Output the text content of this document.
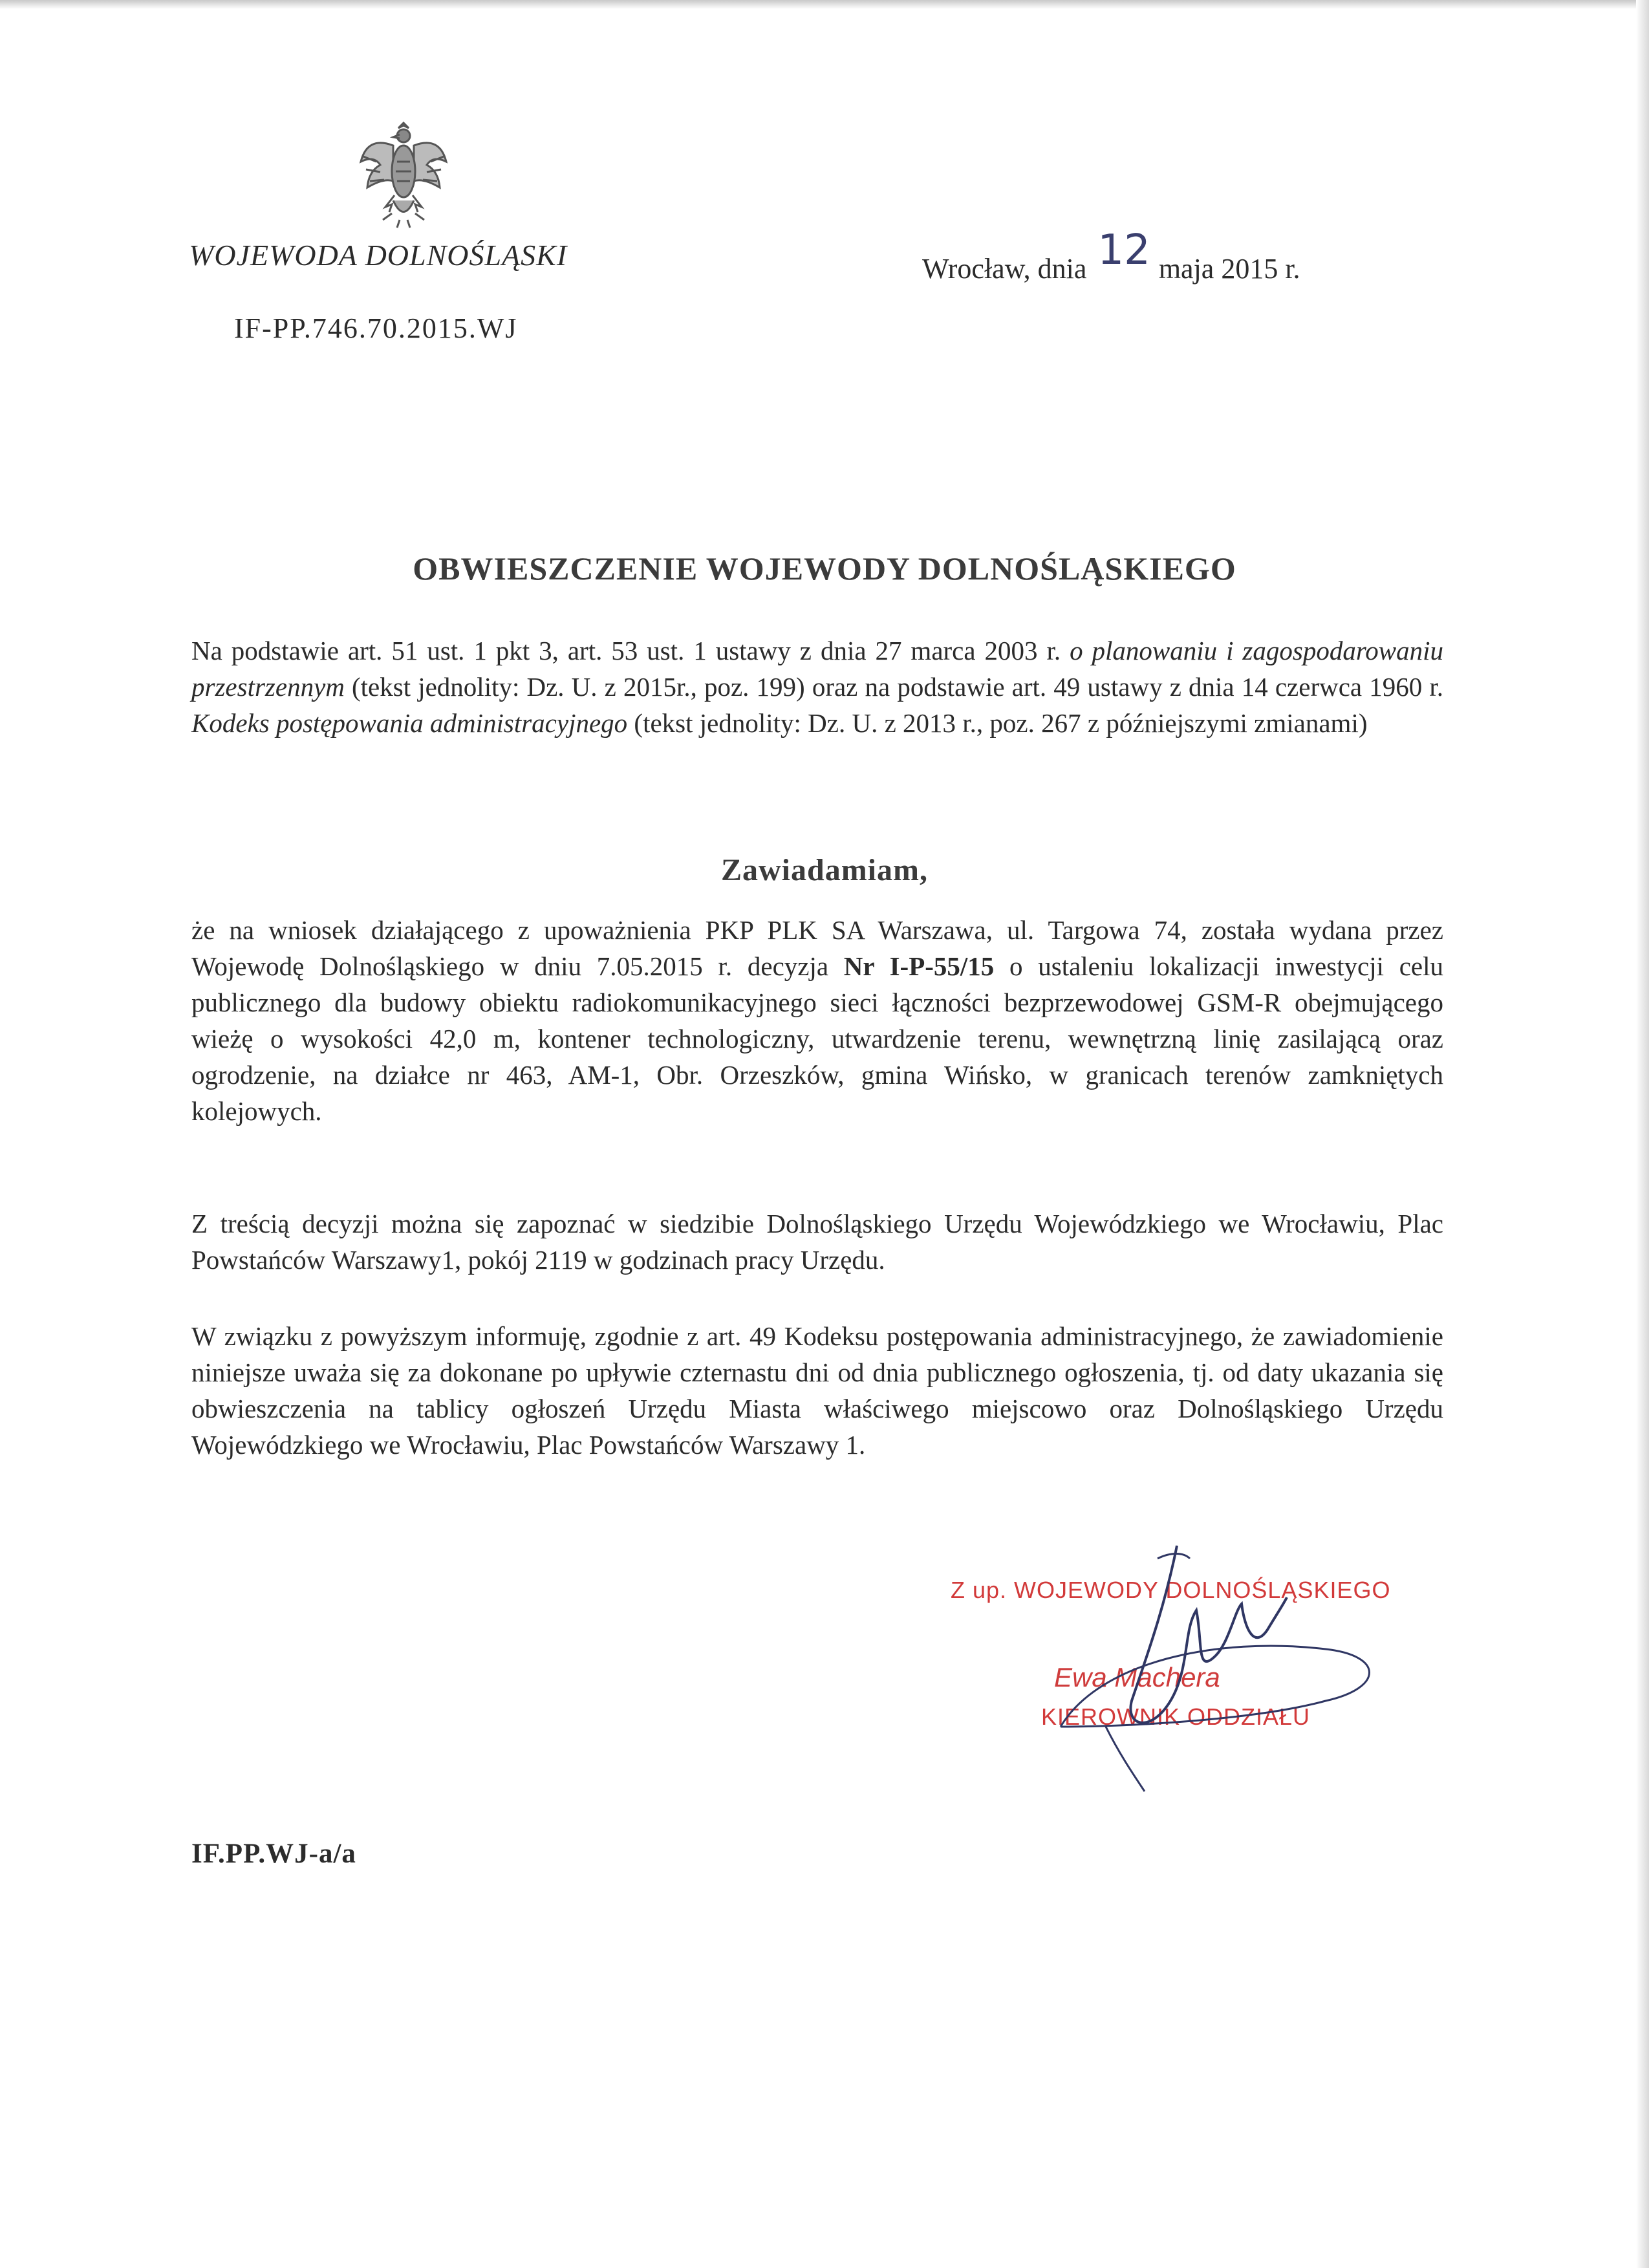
WOJEWODA DOLNOŚLĄSKI	Wrocław, dnia 12 maja 2015 r.
IF-PP.746.70.2015.WJ
OBWIESZCZENIE WOJEWODY DOLNOŚLĄSKIEGO
Na podstawie art. 51 ust. 1 pkt 3, art. 53 ust. 1 ustawy z dnia 27 marca 2003 r. o planowaniu i zagospodarowaniu przestrzennym (tekst jednolity: Dz. U. z 2015r., poz. 199) oraz na podstawie art. 49 ustawy z dnia 14 czerwca 1960 r. Kodeks postępowania administracyjnego (tekst jednolity: Dz. U. z 2013 r., poz. 267 z późniejszymi zmianami)
Zawiadamiam,
że na wniosek działającego z upoważnienia PKP PLK SA Warszawa, ul. Targowa 74, została wydana przez Wojewodę Dolnośląskiego w dniu 7.05.2015 r. decyzja Nr I-P-55/15 o ustaleniu lokalizacji inwestycji celu publicznego dla budowy obiektu radiokomunikacyjnego sieci łączności bezprzewodowej GSM-R obejmującego wieżę o wysokości 42,0 m, kontener technologiczny, utwardzenie terenu, wewnętrzną linię zasilającą oraz ogrodzenie, na działce nr 463, AM-1, Obr. Orzeszków, gmina Wińsko, w granicach terenów zamkniętych kolejowych.
Z treścią decyzji można się zapoznać w siedzibie Dolnośląskiego Urzędu Wojewódzkiego we Wrocławiu, Plac Powstańców Warszawy1, pokój 2119 w godzinach pracy Urzędu.
W związku z powyższym informuję, zgodnie z art. 49 Kodeksu postępowania administracyjnego, że zawiadomienie niniejsze uważa się za dokonane po upływie czternastu dni od dnia publicznego ogłoszenia, tj. od daty ukazania się obwieszczenia na tablicy ogłoszeń Urzędu Miasta właściwego miejscowo oraz Dolnośląskiego Urzędu Wojewódzkiego we Wrocławiu, Plac Powstańców Warszawy 1.
Z up. WOJEWODY DOLNOŚLĄSKIEGO
Ewa Machera
KIEROWNIK ODDZIAŁU
IF.PP.WJ-a/a
